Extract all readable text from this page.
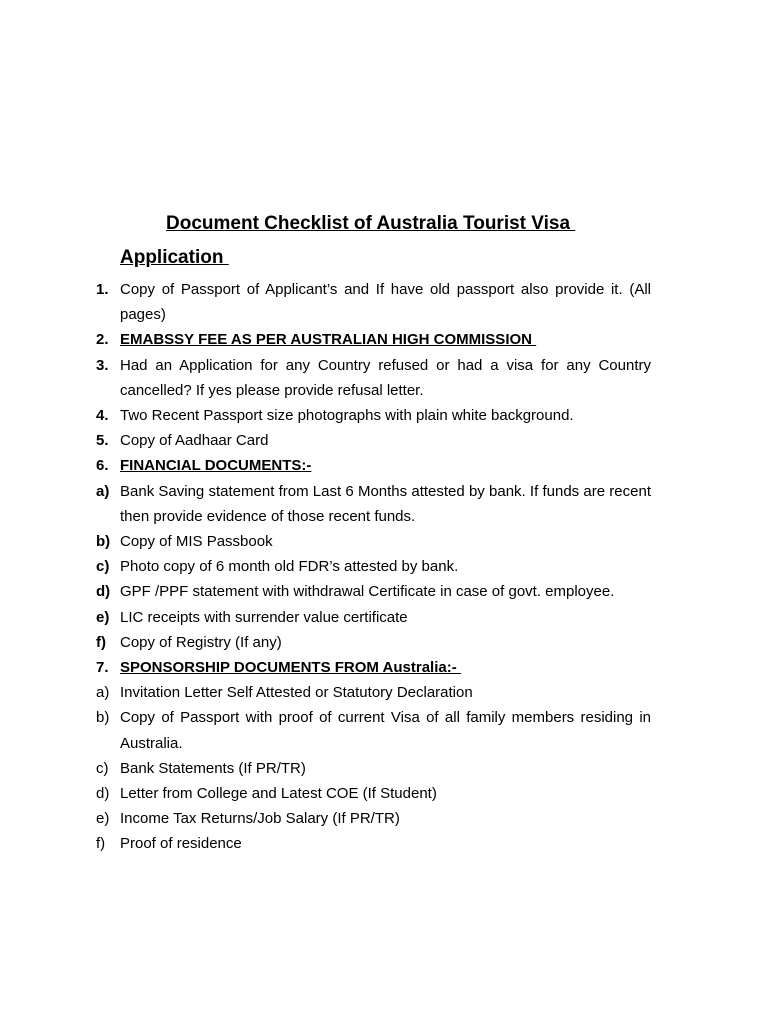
Document Checklist of Australia Tourist Visa
Application
1. Copy of Passport of Applicant’s and If have old passport also provide it. (All pages)
2. EMABSSY FEE AS PER AUSTRALIAN HIGH COMMISSION
3. Had an Application for any Country refused or had a visa for any Country cancelled? If yes please provide refusal letter.
4. Two Recent Passport size photographs with plain white background.
5. Copy of Aadhaar Card
6. FINANCIAL DOCUMENTS:-
a) Bank Saving statement from Last 6 Months attested by bank. If funds are recent then provide evidence of those recent funds.
b) Copy of MIS Passbook
c) Photo copy of 6 month old FDR’s attested by bank.
d) GPF /PPF statement with withdrawal Certificate in case of govt. employee.
e) LIC receipts with surrender value certificate
f) Copy of Registry (If any)
7. SPONSORSHIP DOCUMENTS FROM Australia:-
a) Invitation Letter Self Attested or Statutory Declaration
b) Copy of Passport with proof of current Visa of all family members residing in Australia.
c) Bank Statements (If PR/TR)
d) Letter from College and Latest COE (If Student)
e) Income Tax Returns/Job Salary (If PR/TR)
f) Proof of residence
